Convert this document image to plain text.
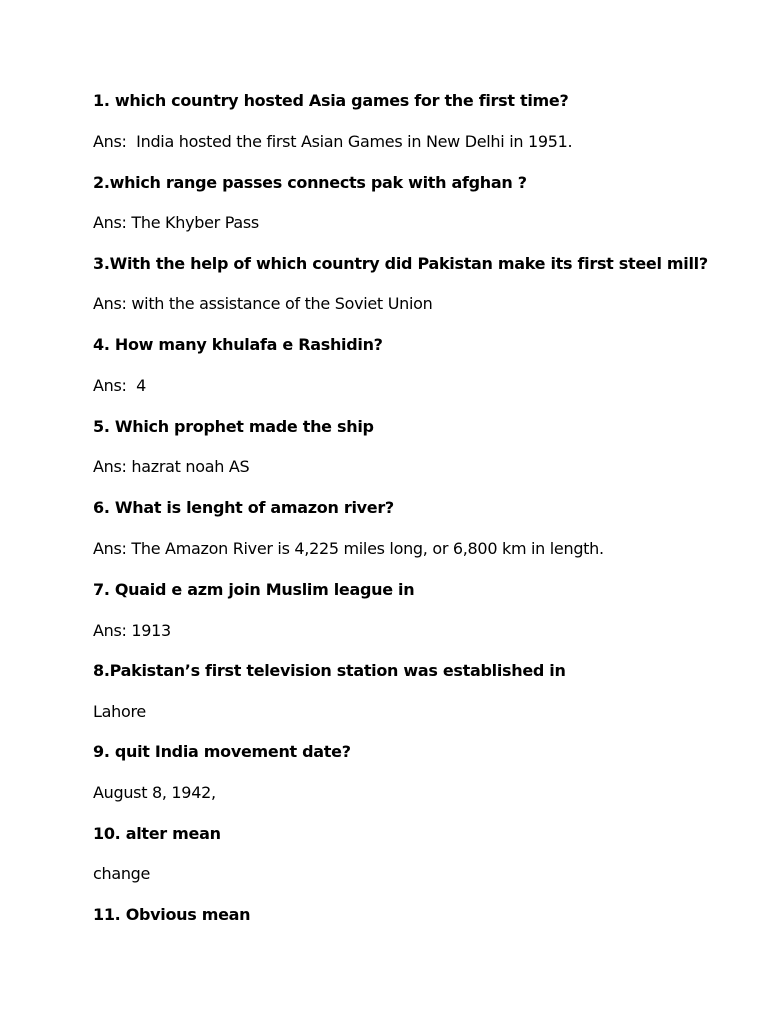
1. which country hosted Asia games for the first time?

Ans:  India hosted the first Asian Games in New Delhi in 1951.

2.which range passes connects pak with afghan ?

Ans: The Khyber Pass

3.With the help of which country did Pakistan make its first steel mill?

Ans: with the assistance of the Soviet Union

4. How many khulafa e Rashidin?

Ans:  4

5. Which prophet made the ship

Ans: hazrat noah AS

6. What is lenght of amazon river?

Ans: The Amazon River is 4,225 miles long, or 6,800 km in length.

7. Quaid e azm join Muslim league in

Ans: 1913

8.Pakistan’s first television station was established in

Lahore

9. quit India movement date?

August 8, 1942,

10. alter mean

change

11. Obvious mean
